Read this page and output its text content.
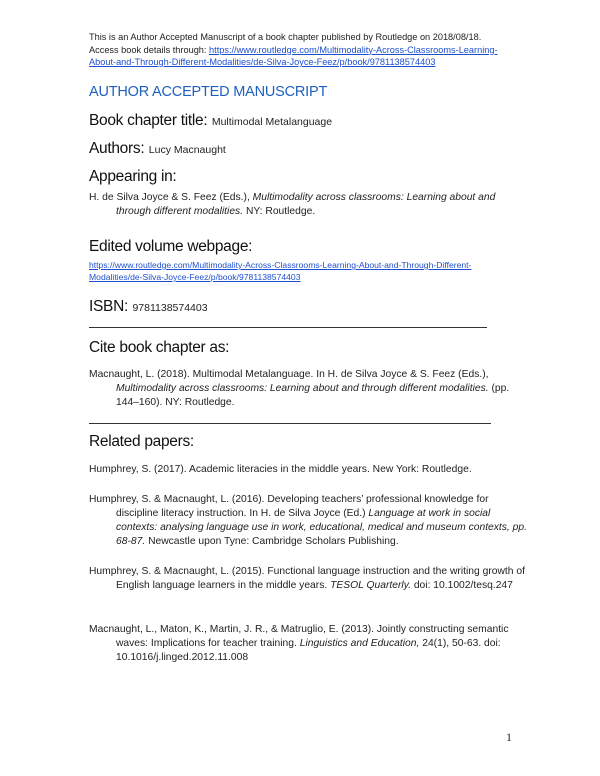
This is an Author Accepted Manuscript of a book chapter published by Routledge on 2018/08/18.
Access book details through: https://www.routledge.com/Multimodality-Across-Classrooms-Learning-About-and-Through-Different-Modalities/de-Silva-Joyce-Feez/p/book/9781138574403
AUTHOR ACCEPTED MANUSCRIPT
Book chapter title: Multimodal Metalanguage
Authors: Lucy Macnaught
Appearing in:
H. de Silva Joyce & S. Feez (Eds.), Multimodality across classrooms: Learning about and through different modalities. NY: Routledge.
Edited volume webpage:
https://www.routledge.com/Multimodality-Across-Classrooms-Learning-About-and-Through-Different-Modalities/de-Silva-Joyce-Feez/p/book/9781138574403
ISBN: 9781138574403
Cite book chapter as:
Macnaught, L. (2018). Multimodal Metalanguage. In H. de Silva Joyce & S. Feez (Eds.), Multimodality across classrooms: Learning about and through different modalities. (pp. 144–160). NY: Routledge.
Related papers:
Humphrey, S. (2017). Academic literacies in the middle years. New York: Routledge.
Humphrey, S. & Macnaught, L. (2016). Developing teachers’ professional knowledge for discipline literacy instruction. In H. de Silva Joyce (Ed.) Language at work in social contexts: analysing language use in work, educational, medical and museum contexts, pp. 68-87. Newcastle upon Tyne: Cambridge Scholars Publishing.
Humphrey, S. & Macnaught, L. (2015). Functional language instruction and the writing growth of English language learners in the middle years. TESOL Quarterly. doi: 10.1002/tesq.247
Macnaught, L., Maton, K., Martin, J. R., & Matruglio, E. (2013). Jointly constructing semantic waves: Implications for teacher training. Linguistics and Education, 24(1), 50-63. doi: 10.1016/j.linged.2012.11.008
1
